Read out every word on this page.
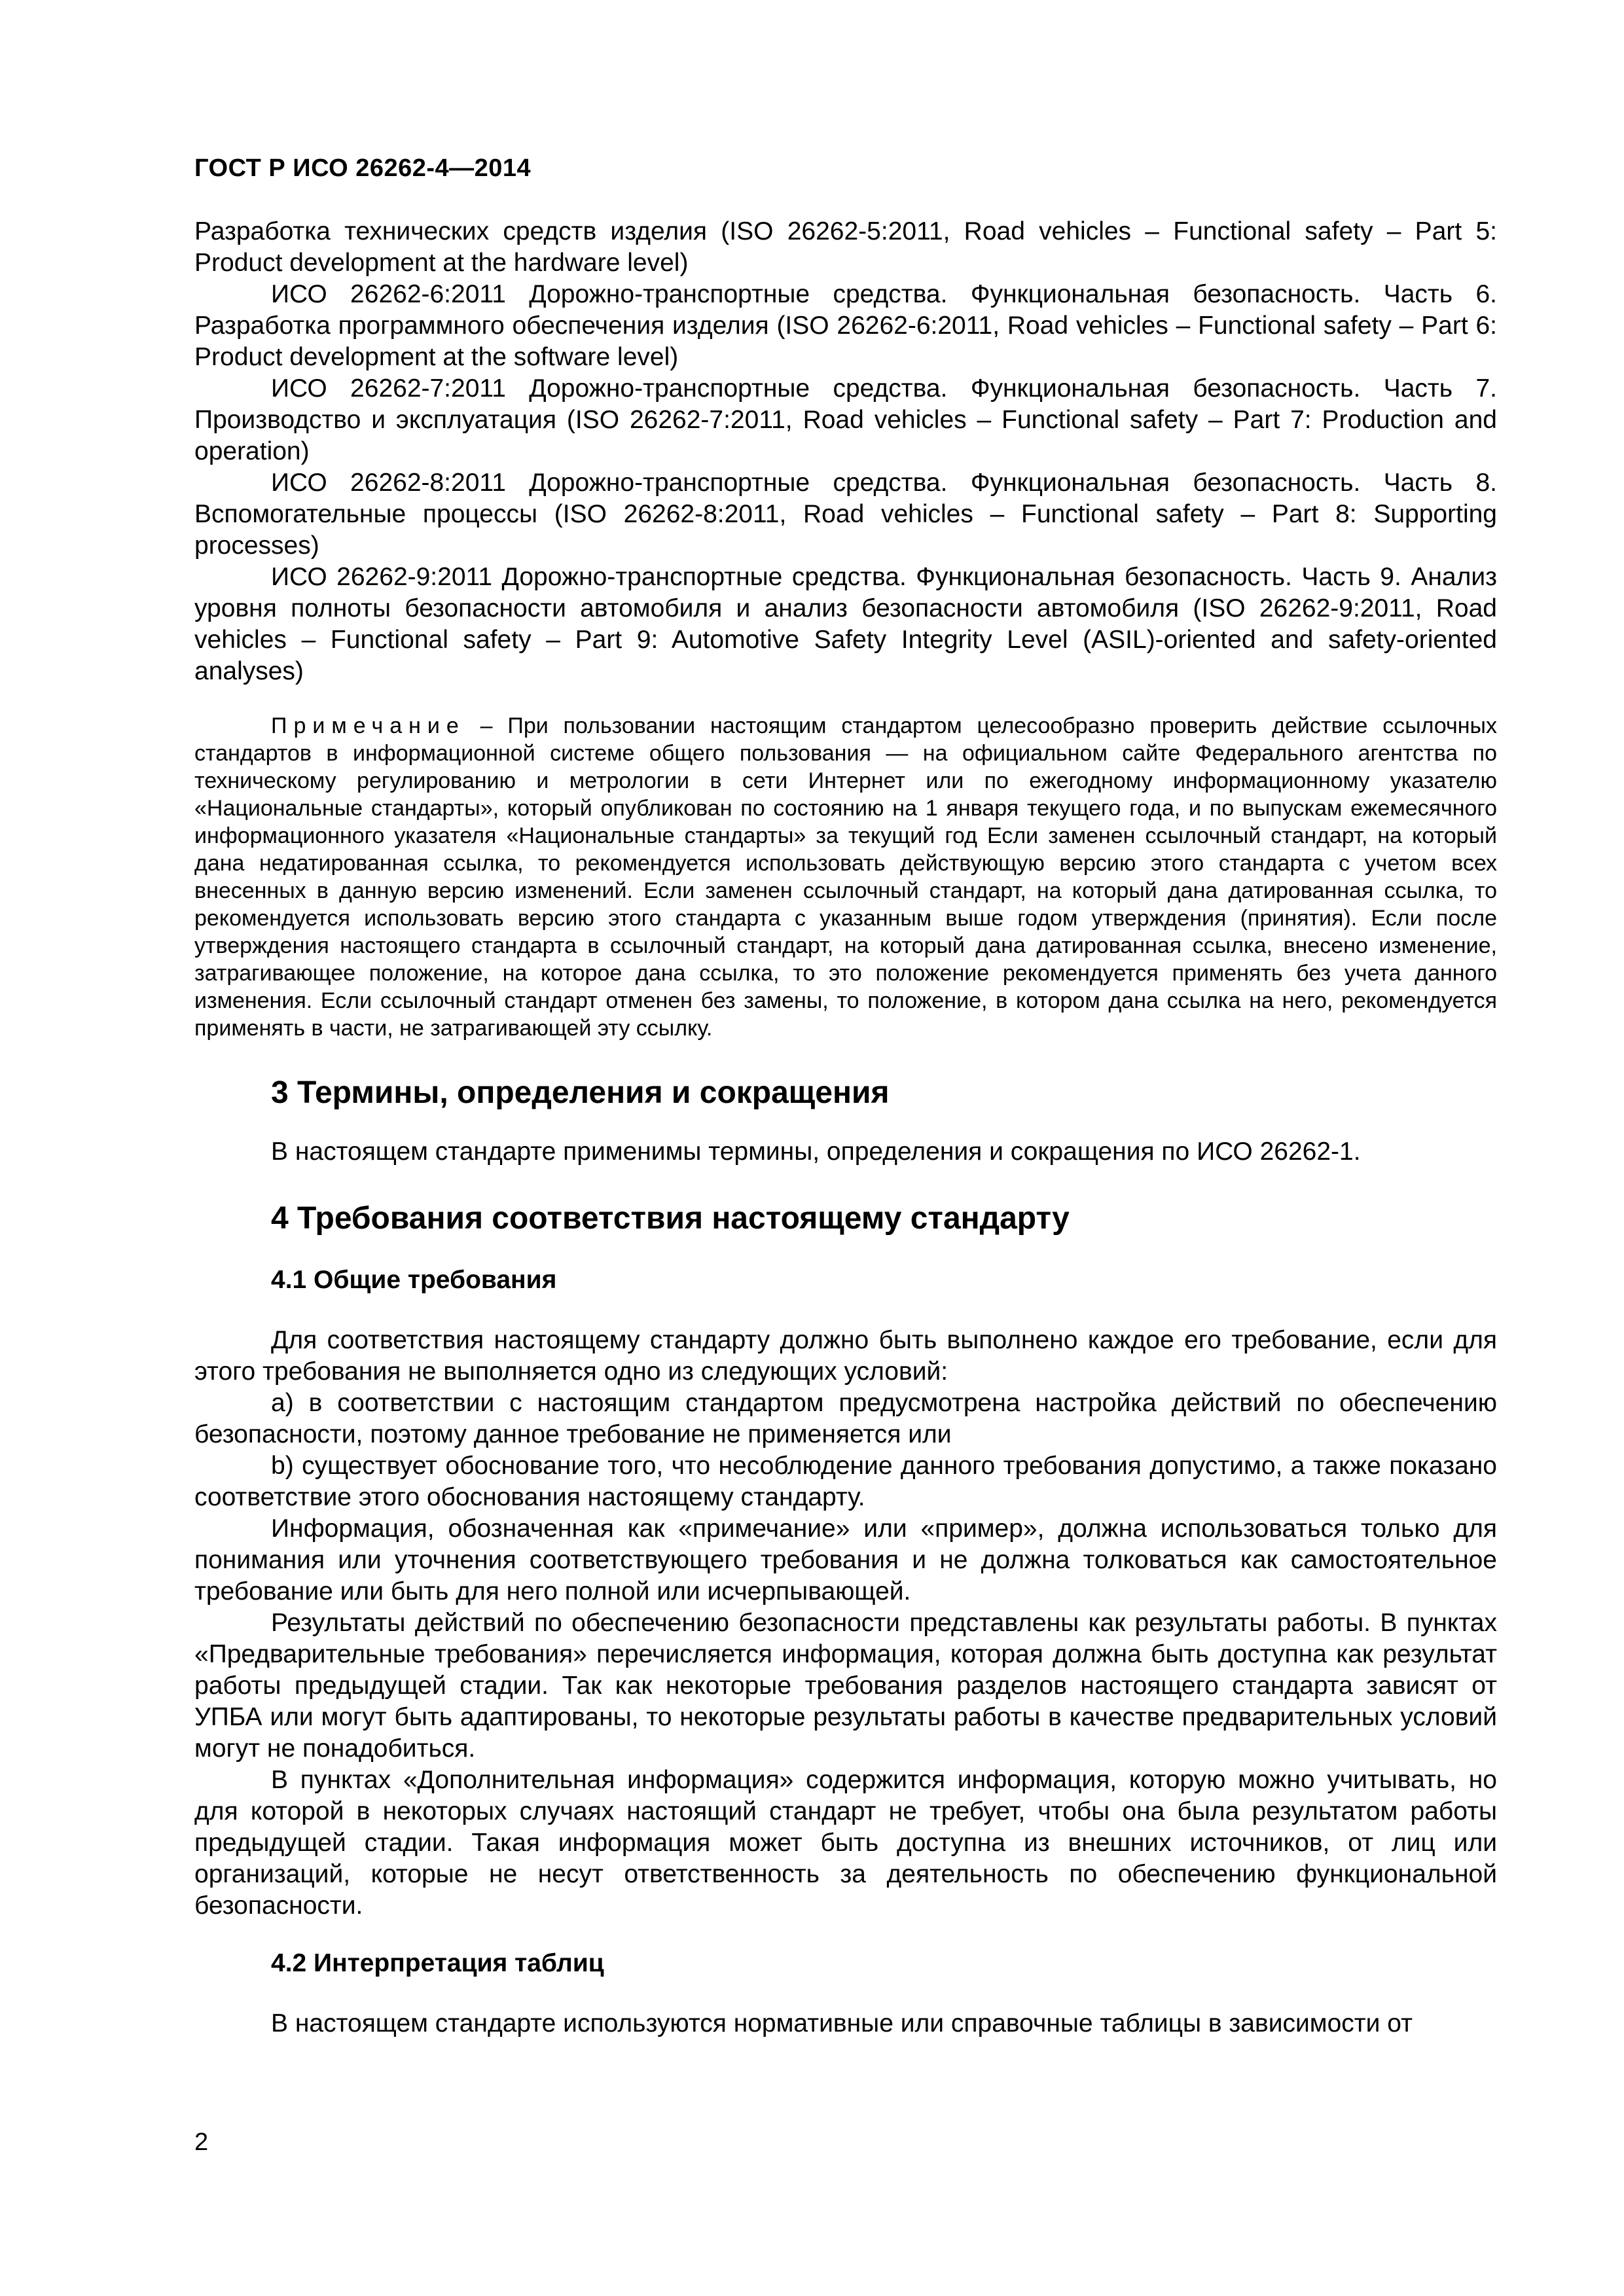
ГОСТ Р ИСО 26262-4—2014

Разработка технических средств изделия (ISO 26262-5:2011, Road vehicles – Functional safety – Part 5: Product development at the hardware level)

ИСО 26262-6:2011 Дорожно-транспортные средства. Функциональная безопасность. Часть 6. Разработка программного обеспечения изделия (ISO 26262-6:2011, Road vehicles – Functional safety – Part 6: Product development at the software level)

ИСО 26262-7:2011 Дорожно-транспортные средства. Функциональная безопасность. Часть 7. Производство и эксплуатация (ISO 26262-7:2011, Road vehicles – Functional safety – Part 7: Production and operation)

ИСО 26262-8:2011 Дорожно-транспортные средства. Функциональная безопасность. Часть 8. Вспомогательные процессы (ISO 26262-8:2011, Road vehicles – Functional safety – Part 8: Supporting processes)

ИСО 26262-9:2011 Дорожно-транспортные средства. Функциональная безопасность. Часть 9. Анализ уровня полноты безопасности автомобиля и анализ безопасности автомобиля (ISO 26262-9:2011, Road vehicles – Functional safety – Part 9: Automotive Safety Integrity Level (ASIL)-oriented and safety-oriented analyses)

Примечание – При пользовании настоящим стандартом целесообразно проверить действие ссылочных стандартов в информационной системе общего пользования — на официальном сайте Федерального агентства по техническому регулированию и метрологии в сети Интернет или по ежегодному информационному указателю «Национальные стандарты», который опубликован по состоянию на 1 января текущего года, и по выпускам ежемесячного информационного указателя «Национальные стандарты» за текущий год Если заменен ссылочный стандарт, на который дана недатированная ссылка, то рекомендуется использовать действующую версию этого стандарта с учетом всех внесенных в данную версию изменений. Если заменен ссылочный стандарт, на который дана датированная ссылка, то рекомендуется использовать версию этого стандарта с указанным выше годом утверждения (принятия). Если после утверждения настоящего стандарта в ссылочный стандарт, на который дана датированная ссылка, внесено изменение, затрагивающее положение, на которое дана ссылка, то это положение рекомендуется применять без учета данного изменения. Если ссылочный стандарт отменен без замены, то положение, в котором дана ссылка на него, рекомендуется применять в части, не затрагивающей эту ссылку.

3 Термины, определения и сокращения

В настоящем стандарте применимы термины, определения и сокращения по ИСО 26262-1.

4 Требования соответствия настоящему стандарту
4.1 Общие требования

Для соответствия настоящему стандарту должно быть выполнено каждое его требование, если для этого требования не выполняется одно из следующих условий:

а) в соответствии с настоящим стандартом предусмотрена настройка действий по обеспечению безопасности, поэтому данное требование не применяется или

b) существует обоснование того, что несоблюдение данного требования допустимо, а также показано соответствие этого обоснования настоящему стандарту.

Информация, обозначенная как «примечание» или «пример», должна использоваться только для понимания или уточнения соответствующего требования и не должна толковаться как самостоятельное требование или быть для него полной или исчерпывающей.

Результаты действий по обеспечению безопасности представлены как результаты работы. В пунктах «Предварительные требования» перечисляется информация, которая должна быть доступна как результат работы предыдущей стадии. Так как некоторые требования разделов настоящего стандарта зависят от УПБА или могут быть адаптированы, то некоторые результаты работы в качестве предварительных условий могут не понадобиться.

В пунктах «Дополнительная информация» содержится информация, которую можно учитывать, но для которой в некоторых случаях настоящий стандарт не требует, чтобы она была результатом работы предыдущей стадии. Такая информация может быть доступна из внешних источников, от лиц или организаций, которые не несут ответственность за деятельность по обеспечению функциональной безопасности.

4.2 Интерпретация таблиц

В настоящем стандарте используются нормативные или справочные таблицы в зависимости от

2
